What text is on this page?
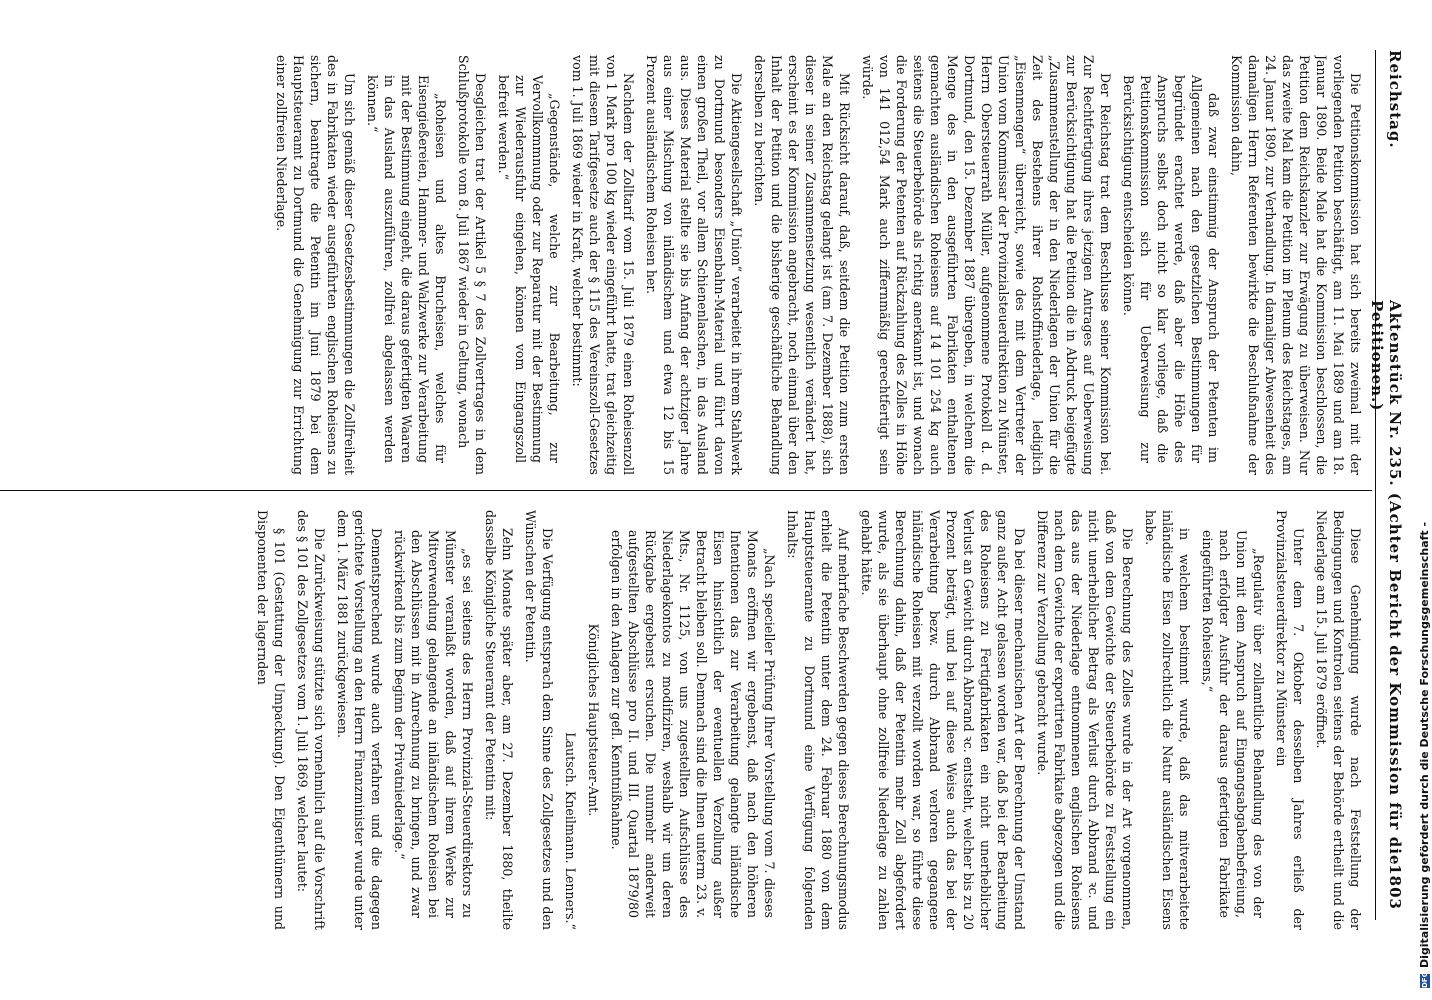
Reichstag.
Aktenstück Nr. 235. (Achter Bericht der Kommission für die Petitionen.)
1803

Die Petitionskommission hat sich bereits zweimal mit der vorliegenden Petition beschäftigt, am 11. Mai 1889 und am 18. Januar 1890. Beide Male hat die Kommission beschlossen, die Petition dem Reichskanzler zur Erwägung zu überweisen. Nur das zweite Mal kam die Petition im Plenum des Reichstages, am 24. Januar 1890, zur Verhandlung. In damaliger Abwesenheit des damaligen Herrn Referenten bewirkte die Beschlußnahme der Kommission dahin,

daß zwar einstimmig der Anspruch der Petenten im Allgemeinen nach den gesetzlichen Bestimmungen für begründet erachtet werde, daß aber die Höhe des Anspruchs selbst doch nicht so klar vorliege, daß die Petitionskommission sich für Ueberweisung zur Berücksichtigung entscheiden könne.

Der Reichstag trat dem Beschlusse seiner Kommission bei. Zur Rechtfertigung ihres jetzigen Antrages auf Ueberweisung zur Berücksichtigung hat die Petition die in Abdruck beigefügte „Zusammenstellung der in den Niederlagen der Union für die Zeit des Bestehens ihrer Rohstoffniederlage, lediglich „Eisenmengen“ überreicht, sowie des mit dem Vertreter der Union vom Kommissar der Provinzialsteuerdirektion zu Münster, Herrn Obersteuerrath Müller, aufgenommene Protokoll d. d. Dortmund, den 15. Dezember 1887 übergeben, in welchem die Menge des in den ausgeführten Fabrikaten enthaltenen gemachten ausländischen Roheisens auf 14 101 254 kg auch seitens die Steuerbehörde als richtig anerkannt ist, und wonach die Forderung der Petenten auf Rückzahlung des Zolles in Höhe von 141 012,54 Mark auch ziffernmäßig gerechtfertigt sein würde.

Mit Rücksicht darauf, daß, seitdem die Petition zum ersten Male an den Reichstag gelangt ist (am 7. Dezember 1888), sich dieser in seiner Zusammensetzung wesentlich verändert hat, erscheint es der Kommission angebracht, noch einmal über den Inhalt der Petition und die bisherige geschäftliche Behandlung derselben zu berichten.

Die Aktiengesellschaft „Union“ verarbeitet in ihrem Stahlwerk zu Dortmund besonders Eisenbahn-Material und führt davon einen großen Theil, vor allem Schienenlaschen, in das Ausland aus. Dieses Material stellte sie bis Anfang der achtziger Jahre aus einer Mischung von inländischem und etwa 12 bis 15 Prozent ausländischem Roheisen her.

Nachdem der Zolltarif vom 15. Juli 1879 einen Roheisenzoll von 1 Mark pro 100 kg wieder eingeführt hatte, trat gleichzeitig mit diesem Tarifgesetze auch der § 115 des Vereinszoll-Gesetzes vom 1. Juli 1869 wieder in Kraft, welcher bestimmt:

„Gegenstände, welche zur Bearbeitung, zur Vervollkommnung oder zur Reparatur mit der Bestimmung zur Wiederausfuhr eingehen, können vom Eingangszoll befreit werden.“

Desgleichen trat der Artikel 5 § 7 des Zollvertrages in dem Schlußprotokolle vom 8. Juli 1867 wieder in Geltung, wonach

„Roheisen und altes Brucheisen, welches für Eisengießereien, Hammer- und Walzwerke zur Verarbeitung mit der Bestimmung eingeht, die daraus gefertigten Waaren in das Ausland auszuführen, zollfrei abgelassen werden können.“

Um sich gemäß dieser Gesetzesbestimmungen die Zollfreiheit des in Fabrikaten wieder ausgeführten englischen Roheisens zu sichern, beantragte die Petentin im Juni 1879 bei dem Hauptsteueramt zu Dortmund die Genehmigung zur Errichtung einer zollfreien Niederlage.

Diese Genehmigung wurde nach Feststellung der Bedingungen und Kontrolen seitens der Behörde ertheilt und die Niederlage am 15. Juli 1879 eröffnet.

Unter dem 7. Oktober desselben Jahres erließ der Provinzialsteuerdirektor zu Münster ein

„Regulativ über zollamtliche Behandlung des von der Union mit dem Anspruch auf Eingangsabgabenbefreiung, nach erfolgter Ausfuhr der daraus gefertigten Fabrikate eingeführten Roheisens,“

in welchem bestimmt wurde, daß das mitverarbeitete inländische Eisen zollrechtlich die Natur ausländischen Eisens habe.

Die Berechnung des Zolles wurde in der Art vorgenommen, daß von dem Gewichte der Steuerbehörde zu Feststellung ein nicht unerheblicher Betrag als Verlust durch Abbrand ꝛc. und das aus der Niederlage entnommenen englischen Roheisens nach dem Gewichte der exportirten Fabrikate abgezogen und die Differenz zur Verzollung gebracht wurde.

Da bei dieser mechanischen Art der Berechnung der Umstand ganz außer Acht gelassen worden war, daß bei der Bearbeitung des Roheisens zu Fertigfabrikaten ein nicht unerheblicher Verlust an Gewicht durch Abbrand ꝛc. entsteht, welcher bis zu 20 Prozent beträgt, und bei auf diese Weise auch das bei der Verarbeitung bezw. durch Abbrand verloren gegangene inländische Roheisen mit verzollt worden war, so führte diese Berechnung dahin, daß der Petentin mehr Zoll abgefordert wurde, als sie überhaupt ohne zollfreie Niederlage zu zahlen gehabt hätte.

Auf mehrfache Beschwerden gegen dieses Berechnungsmodus erhielt die Petentin unter dem 24. Februar 1880 von dem Hauptsteueramte zu Dortmund eine Verfügung folgenden Inhalts:

„Nach specieller Prüfung Ihrer Vorstellung vom 7. dieses Monats eröffnen wir ergebenst, daß nach den höheren Intentionen das zur Verarbeitung gelangte inländische Eisen hinsichtlich der eventuellen Verzollung außer Betracht bleiben soll. Demnach sind die Ihnen unterm 23. v. Mts., Nr. 1125, von uns zugestellten Aufschlüsse des Niederlagekontos zu modifiziren, weshalb wir um deren Rückgabe ergebenst ersuchen. Die nunmehr anderweit aufgestellten Abschlüsse pro II. und III. Quartal 1879/80 erfolgen in den Anlagen zur gefl. Kenntnißnahme.

Königliches Hauptsteuer-Amt.

Lautsch. Kneilmann. Lenners.“

Die Verfügung entsprach dem Sinne des Zollgesetzes und den Wünschen der Petentin.

Zehn Monate später aber, am 27. Dezember 1880, theilte dasselbe Königliche Steueramt der Petentin mit:

„es sei seitens des Herrn Provinzial-Steuerdirektors zu Münster veranlaßt worden, daß auf ihrem Werke zur Mitverwendung gelangende an inländischem Roheisen bei den Abschlüssen mit in Anrechnung zu bringen, und zwar rückwirkend bis zum Beginn der Privatniederlage.“

Dementsprechend wurde auch verfahren und die dagegen gerichtete Vorstellung an den Herrn Finanzminister wurde unter dem 1. März 1881 zurückgewiesen.

Die Zurückweisung stützte sich vornehmlich auf die Vorschrift des § 101 des Zollgesetzes vom 1. Juli 1869, welcher lautet:

§ 101 (Gestattung der Umpackung). Den Eigenthümern und Disponenten der lagernden

DFGDigitalisierung gefördert durch die Deutsche Forschungsgemeinschaft -
